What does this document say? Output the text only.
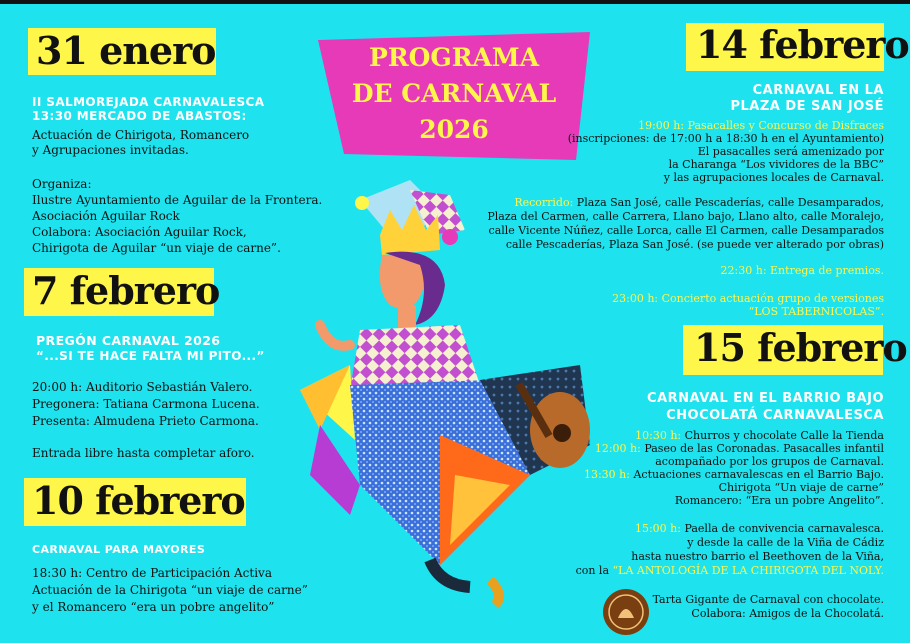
31 enero
II SALMOREJADA CARNAVALESCA
13:30 MERCADO DE ABASTOS:
Actuación de Chirigota, Romancero
y Agrupaciones invitadas.
Organiza:
Ilustre Ayuntamiento de Aguilar de la Frontera.
Asociación Aguilar Rock
Colabora: Asociación Aguilar Rock,
Chirigota de Aguilar “un viaje de carne”.
7 febrero
PREGÓN CARNAVAL 2026
“...SI TE HACE FALTA MI PITO...”
20:00 h: Auditorio Sebastián Valero.
Pregonera: Tatiana Carmona Lucena.
Presenta: Almudena Prieto Carmona.
Entrada libre hasta completar aforo.
10 febrero
CARNAVAL PARA MAYORES
18:30 h: Centro de Participación Activa
Actuación de la Chirigota “un viaje de carne”
y el Romancero “era un pobre angelito”
PROGRAMA
DE CARNAVAL
2026
14 febrero
CARNAVAL EN LA
PLAZA DE SAN JOSÉ
19:00 h: Pasacalles y Concurso de Disfraces
(inscripciones: de 17:00 h a 18:30 h en el Ayuntamiento)
El pasacalles será amenizado por
la Charanga “Los vividores de la BBC”
y las agrupaciones locales de Carnaval.
Recorrido: Plaza San José, calle Pescaderías, calle Desamparados,
Plaza del Carmen, calle Carrera, Llano bajo, Llano alto, calle Moralejo,
calle Vicente Núñez, calle Lorca, calle El Carmen, calle Desamparados
calle Pescaderías, Plaza San José. (se puede ver alterado por obras)
22:30 h: Entrega de premios.
23:00 h: Concierto actuación grupo de versiones
“LOS TABERNICOLAS”.
15 febrero
CARNAVAL EN EL BARRIO BAJO
CHOCOLATÁ CARNAVALESCA
10:30 h: Churros y chocolate Calle la Tienda
12:00 h: Paseo de las Coronadas. Pasacalles infantil
acompañado por los grupos de Carnaval.
13:30 h: Actuaciones carnavalescas en el Barrio Bajo.
Chirigota “Un viaje de carne”
Romancero: “Era un pobre Angelito”.
15:00 h: Paella de convivencia carnavalesca.
y desde la calle de la Viña de Cádiz
hasta nuestro barrio el Beethoven de la Viña,
con la “LA ANTOLOGÍA DE LA CHIRIGOTA DEL NOLY.
Tarta Gigante de Carnaval con chocolate.
Colabora: Amigos de la Chocolatá.
